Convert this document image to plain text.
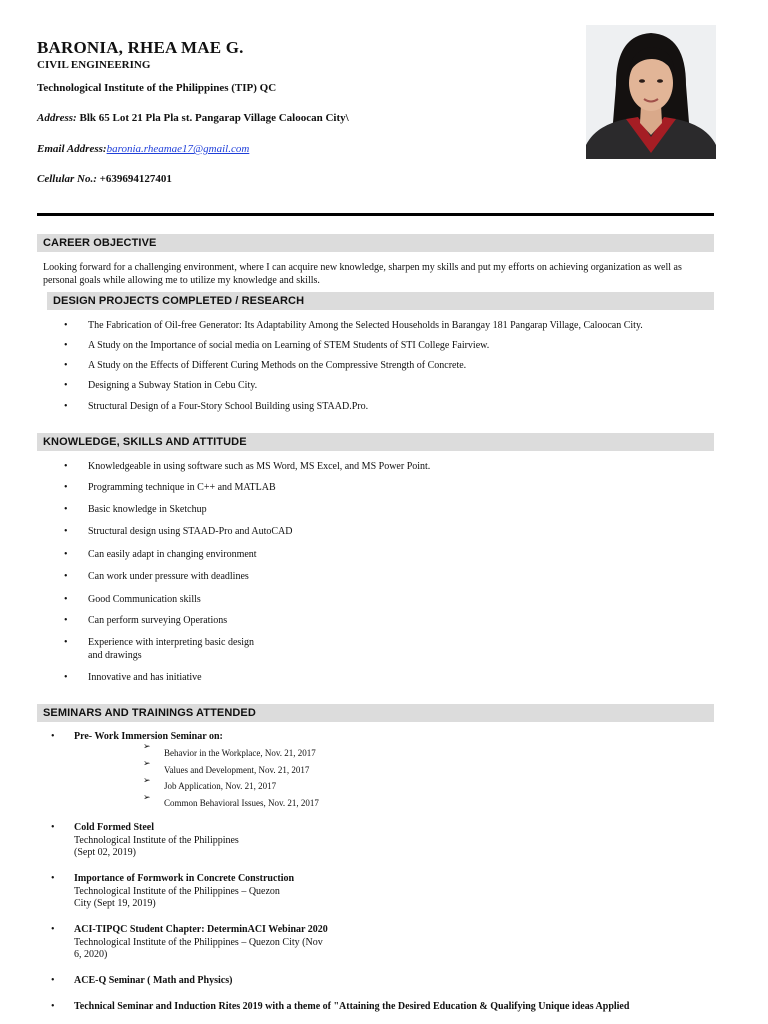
BARONIA, RHEA MAE G.
CIVIL ENGINEERING
Technological Institute of the Philippines (TIP) QC
Address: Blk 65 Lot 21 Pla Pla st. Pangarap Village Caloocan City\
Email Address:baronia.rheamae17@gmail.com
Cellular No.: +639694127401
CAREER OBJECTIVE
Looking forward for a challenging environment, where I can acquire new knowledge, sharpen my skills and put my efforts on achieving organization as well as personal goals while allowing me to utilize my knowledge and skills.
DESIGN PROJECTS COMPLETED / RESEARCH
• The Fabrication of Oil-free Generator: Its Adaptability Among the Selected Households in Barangay 181 Pangarap Village, Caloocan City.
• A Study on the Importance of social media on Learning of STEM Students of STI College Fairview.
• A Study on the Effects of Different Curing Methods on the Compressive Strength of Concrete.
• Designing a Subway Station in Cebu City.
• Structural Design of a Four-Story School Building using STAAD.Pro.
KNOWLEDGE, SKILLS AND ATTITUDE
• Knowledgeable in using software such as MS Word, MS Excel, and MS Power Point.
• Programming technique in C++ and MATLAB
• Basic knowledge in Sketchup
• Structural design using STAAD-Pro and AutoCAD
• Can easily adapt in changing environment
• Can work under pressure with deadlines
• Good Communication skills
• Can perform surveying Operations
• Experience with interpreting basic design
and drawings
• Innovative and has initiative
SEMINARS AND TRAININGS ATTENDED
• Pre- Work Immersion Seminar on:
➢
Behavior in the Workplace, Nov. 21, 2017
➢
Values and Development, Nov. 21, 2017
➢
Job Application, Nov. 21, 2017
➢
Common Behavioral Issues, Nov. 21, 2017
• Cold Formed Steel
Technological Institute of the Philippines
(Sept 02, 2019)
• Importance of Formwork in Concrete Construction
Technological Institute of the Philippines – Quezon
City (Sept 19, 2019)
• ACI-TIPQC Student Chapter: DeterminACI Webinar 2020
Technological Institute of the Philippines – Quezon City (Nov
6, 2020)
• ACE-Q Seminar ( Math and Physics)
• Technical Seminar and Induction Rites 2019 with a theme of "Attaining the Desired Education & Qualifying Unique ideas Applied
